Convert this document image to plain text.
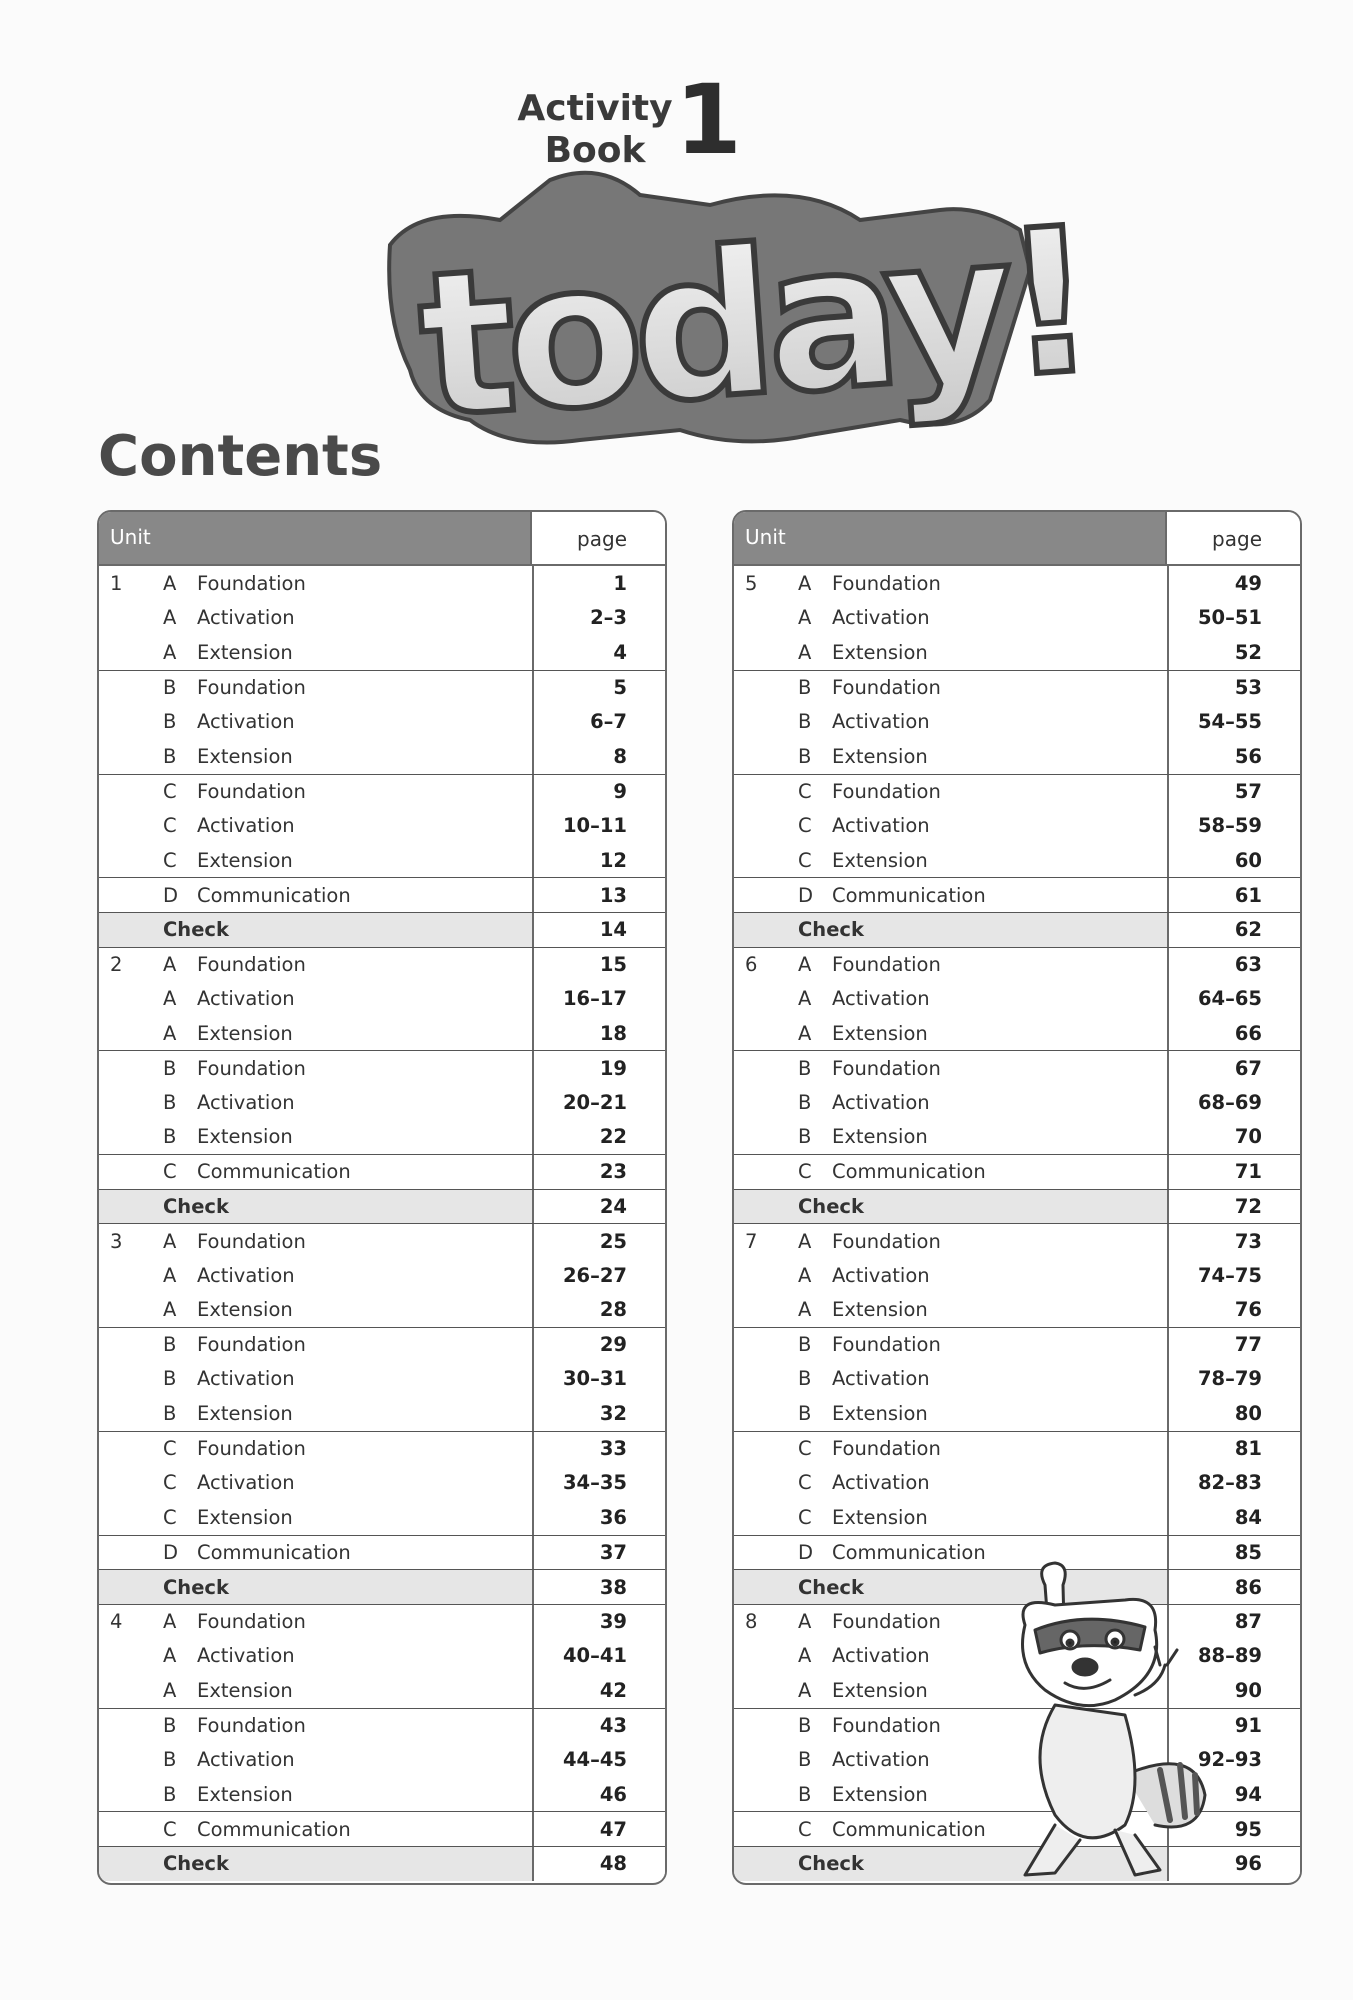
Activity
Book 1
today!
Contents
Unit	page
1	A	Foundation	1
A	Activation	2–3
A	Extension	4
B	Foundation	5
B	Activation	6–7
B	Extension	8
C	Foundation	9
C	Activation	10–11
C	Extension	12
D Communication	13
Check	14
2	A	Foundation	15
A	Activation	16–17
A	Extension	18
B	Foundation	19
B	Activation	20–21
B	Extension	22
C	Communication	23
Check	24
3	A	Foundation	25
A	Activation	26–27
A	Extension	28
B	Foundation	29
B	Activation	30–31
B	Extension	32
C	Foundation	33
C	Activation	34–35
C	Extension	36
D Communication	37
Check	38
4	A	Foundation	39
A	Activation	40–41
A	Extension	42
B	Foundation	43
B	Activation	44–45
B	Extension	46
C	Communication	47
Check	48
Unit	page
5	A	Foundation	49
A	Activation	50–51
A	Extension	52
B	Foundation	53
B	Activation	54–55
B	Extension	56
C	Foundation	57
C	Activation	58–59
C	Extension	60
D Communication	61
Check	62
6	A	Foundation	63
A	Activation	64–65
A	Extension	66
B	Foundation	67
B	Activation	68–69
B	Extension	70
C	Communication	71
Check	72
7	A	Foundation	73
A	Activation	74–75
A	Extension	76
B	Foundation	77
B	Activation	78–79
B	Extension	80
C	Foundation	81
C	Activation	82–83
C	Extension	84
D Communication	85
Check	86
8	A	Foundation	87
A	Activation	88–89
A	Extension	90
B	Foundation	91
B	Activation	92–93
B	Extension	94
C	Communication	95
Check	96
